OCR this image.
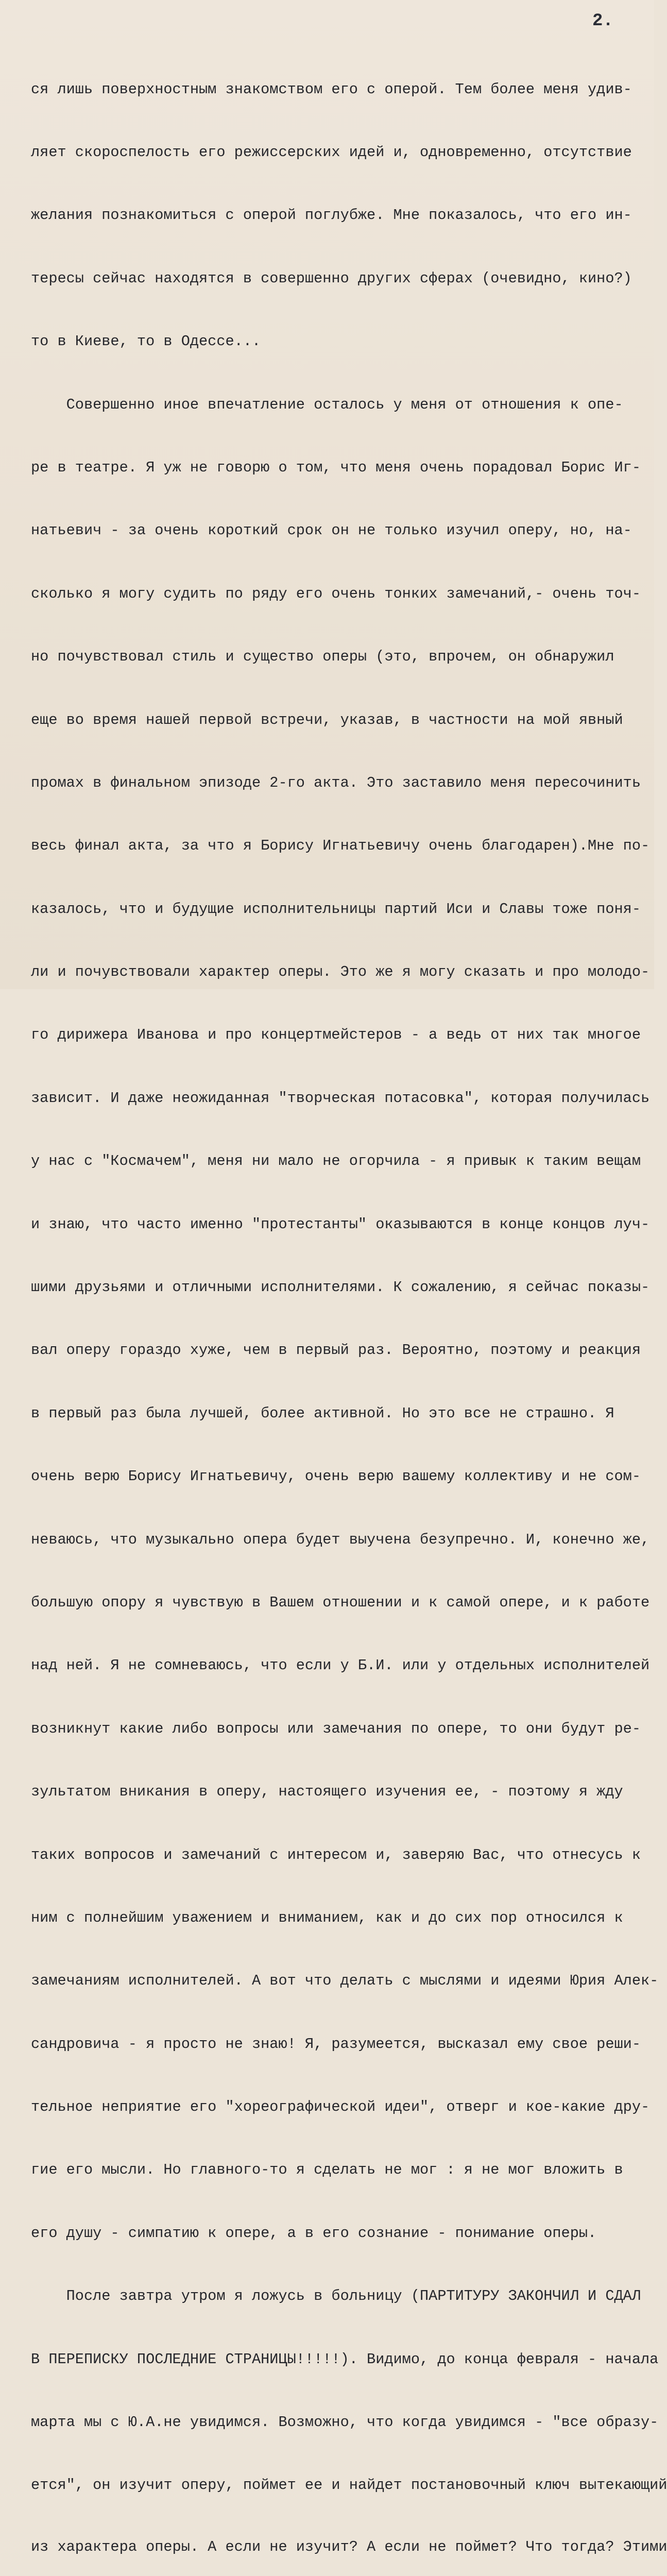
2.

ся лишь поверхностным знакомством его с оперой. Тем более меня удив-

ляет скороспелость его режиссерских идей и, одновременно, отсутствие

желания познакомиться с оперой поглубже. Мне показалось, что его ин-

тересы сейчас находятся в совершенно других сферах (очевидно, кино?)

то в Киеве, то в Одессе...

Совершенно иное впечатление осталось у меня от отношения к опе-

ре в театре. Я уж не говорю о том, что меня очень порадовал Борис Иг-

натьевич - за очень короткий срок он не только изучил оперу, но, на-

сколько я могу судить по ряду его очень тонких замечаний,- очень точ-

но почувствовал стиль и существо оперы (это, впрочем, он обнаружил

еще во время нашей первой встречи, указав, в частности на мой явный

промах в финальном эпизоде 2-го акта. Это заставило меня пересочинить

весь финал акта, за что я Борису Игнатьевичу очень благодарен).Мне по-

казалось, что и будущие исполнительницы партий Иси и Славы тоже поня-

ли и почувствовали характер оперы. Это же я могу сказать и про молодо-

го дирижера Иванова и про концертмейстеров - а ведь от них так многое

зависит. И даже неожиданная "творческая потасовка", которая получилась

у нас с "Космачем", меня ни мало не огорчила - я привык к таким вещам

и знаю, что часто именно "протестанты" оказываются в конце концов луч-

шими друзьями и отличными исполнителями. К сожалению, я сейчас показы-

вал оперу гораздо хуже, чем в первый раз. Вероятно, поэтому и реакция

в первый раз была лучшей, более активной. Но это все не страшно. Я

очень верю Борису Игнатьевичу, очень верю вашему коллективу и не сом-

неваюсь, что музыкально опера будет выучена безупречно. И, конечно же,

большую опору я чувствую в Вашем отношении и к самой опере, и к работе

над ней. Я не сомневаюсь, что если у Б.И. или у отдельных исполнителей

возникнут какие либо вопросы или замечания по опере, то они будут ре-

зультатом вникания в оперу, настоящего изучения ее, - поэтому я жду

таких вопросов и замечаний с интересом и, заверяю Вас, что отнесусь к

ним с полнейшим уважением и вниманием, как и до сих пор относился к

замечаниям исполнителей. А вот что делать с мыслями и идеями Юрия Алек-

сандровича - я просто не знаю! Я, разумеется, высказал ему свое реши-

тельное неприятие его "хореографической идеи", отверг и кое-какие дру-

гие его мысли. Но главного-то я сделать не мог : я не мог вложить в

его душу - симпатию к опере, а в его сознание - понимание оперы.

После завтра утром я ложусь в больницу (ПАРТИТУРУ ЗАКОНЧИЛ И СДАЛ

В ПЕРЕПИСКУ ПОСЛЕДНИЕ СТРАНИЦЫ!!!!!). Видимо, до конца февраля - начала

марта мы с Ю.А.не увидимся. Возможно, что когда увидимся - "все образу-

ется", он изучит оперу, поймет ее и найдет постановочный ключ вытекающий

из характера оперы. А если не изучит? А если не поймет? Что тогда? Этими
